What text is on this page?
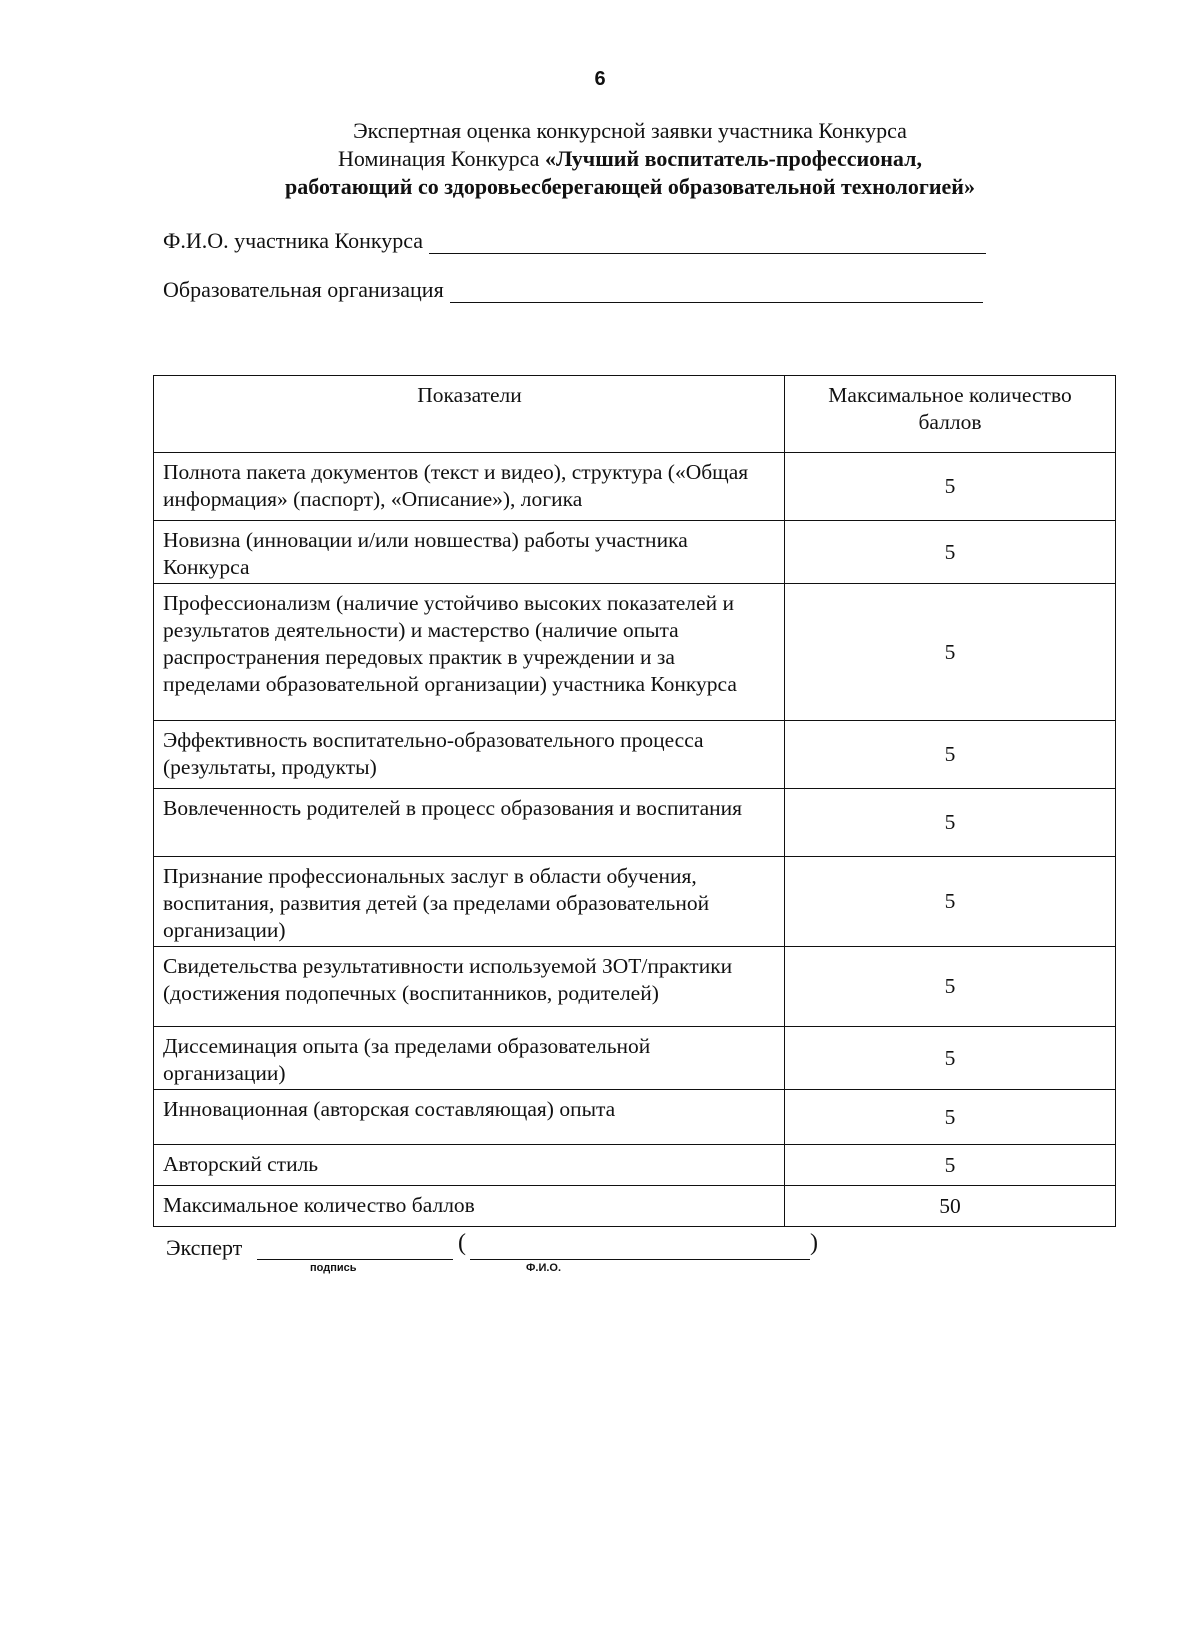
6
Экспертная оценка конкурсной заявки участника Конкурса
Номинация Конкурса «Лучший воспитатель-профессионал,
работающий со здоровьесберегающей образовательной технологией»
Ф.И.О. участника Конкурса
Образовательная организация
Показатели	Максимальное количество баллов
Полнота пакета документов (текст и видео), структура («Общая информация» (паспорт), «Описание»), логика	5
Новизна (инновации и/или новшества) работы участника Конкурса	5
Профессионализм (наличие устойчиво высоких показателей и результатов деятельности) и мастерство (наличие опыта распространения передовых практик в учреждении и за пределами образовательной организации) участника Конкурса	5
Эффективность воспитательно-образовательного процесса (результаты, продукты)	5
Вовлеченность родителей в процесс образования и воспитания	5
Признание профессиональных заслуг в области обучения, воспитания, развития детей (за пределами образовательной организации)	5
Свидетельства результативности используемой ЗОТ/практики (достижения подопечных (воспитанников, родителей)	5
Диссеминация опыта (за пределами образовательной организации)	5
Инновационная (авторская составляющая) опыта	5
Авторский стиль	5
Максимальное количество баллов	50
Эксперт	(	)
подпись	Ф.И.О.
